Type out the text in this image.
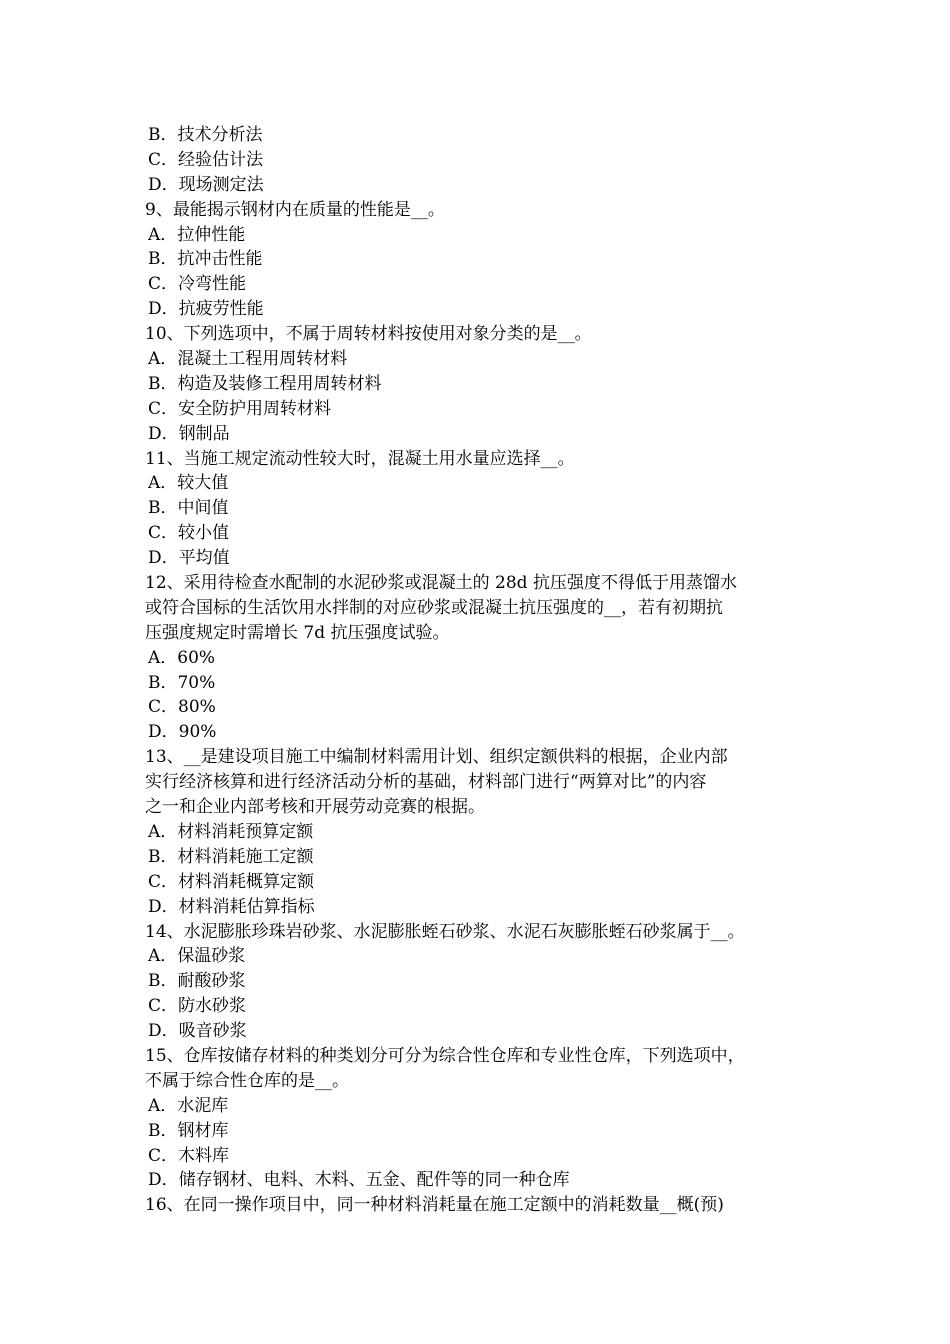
B．技术分析法
C．经验估计法
D．现场测定法
9、最能揭示钢材内在质量的性能是__。
A．拉伸性能
B．抗冲击性能
C．冷弯性能
D．抗疲劳性能
10、下列选项中，不属于周转材料按使用对象分类的是__。
A．混凝土工程用周转材料
B．构造及装修工程用周转材料
C．安全防护用周转材料
D．钢制品
11、当施工规定流动性较大时，混凝土用水量应选择__。
A．较大值
B．中间值
C．较小值
D．平均值
12、采用待检查水配制的水泥砂浆或混凝土的 28d 抗压强度不得低于用蒸馏水
或符合国标的生活饮用水拌制的对应砂浆或混凝土抗压强度的__，若有初期抗
压强度规定时需增长 7d 抗压强度试验。
A．60%
B．70%
C．80%
D．90%
13、__是建设项目施工中编制材料需用计划、组织定额供料的根据，企业内部
实行经济核算和进行经济活动分析的基础，材料部门进行“两算对比”的内容
之一和企业内部考核和开展劳动竞赛的根据。
A．材料消耗预算定额
B．材料消耗施工定额
C．材料消耗概算定额
D．材料消耗估算指标
14、水泥膨胀珍珠岩砂浆、水泥膨胀蛭石砂浆、水泥石灰膨胀蛭石砂浆属于__。
A．保温砂浆
B．耐酸砂浆
C．防水砂浆
D．吸音砂浆
15、仓库按储存材料的种类划分可分为综合性仓库和专业性仓库，下列选项中，
不属于综合性仓库的是__。
A．水泥库
B．钢材库
C．木料库
D．储存钢材、电料、木料、五金、配件等的同一种仓库
16、在同一操作项目中，同一种材料消耗量在施工定额中的消耗数量__概(预)
